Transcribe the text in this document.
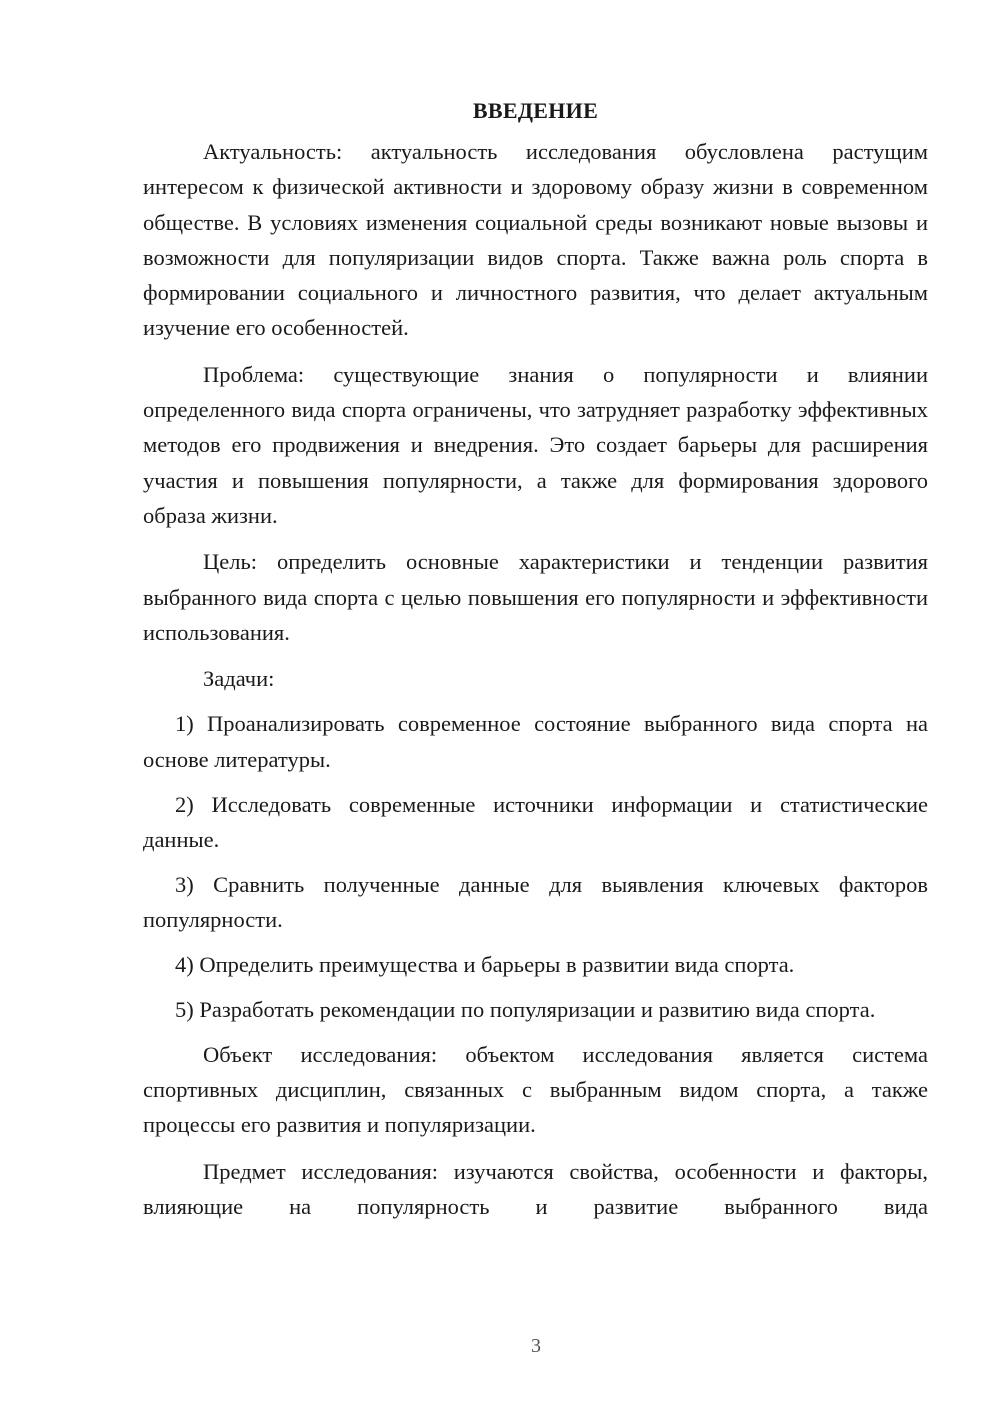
ВВЕДЕНИЕ

Актуальность: актуальность исследования обусловлена растущим интересом к физической активности и здоровому образу жизни в современном обществе. В условиях изменения социальной среды возникают новые вызовы и возможности для популяризации видов спорта. Также важна роль спорта в формировании социального и личностного развития, что делает актуальным изучение его особенностей.

Проблема: существующие знания о популярности и влиянии определенного вида спорта ограничены, что затрудняет разработку эффективных методов его продвижения и внедрения. Это создает барьеры для расширения участия и повышения популярности, а также для формирования здорового образа жизни.

Цель: определить основные характеристики и тенденции развития выбранного вида спорта с целью повышения его популярности и эффективности использования.

Задачи:

1) Проанализировать современное состояние выбранного вида спорта на основе литературы.

2) Исследовать современные источники информации и статистические данные.

3) Сравнить полученные данные для выявления ключевых факторов популярности.

4) Определить преимущества и барьеры в развитии вида спорта.

5) Разработать рекомендации по популяризации и развитию вида спорта.

Объект исследования: объектом исследования является система спортивных дисциплин, связанных с выбранным видом спорта, а также процессы его развития и популяризации.

Предмет исследования: изучаются свойства, особенности и факторы, влияющие на популярность и развитие выбранного вида

3
